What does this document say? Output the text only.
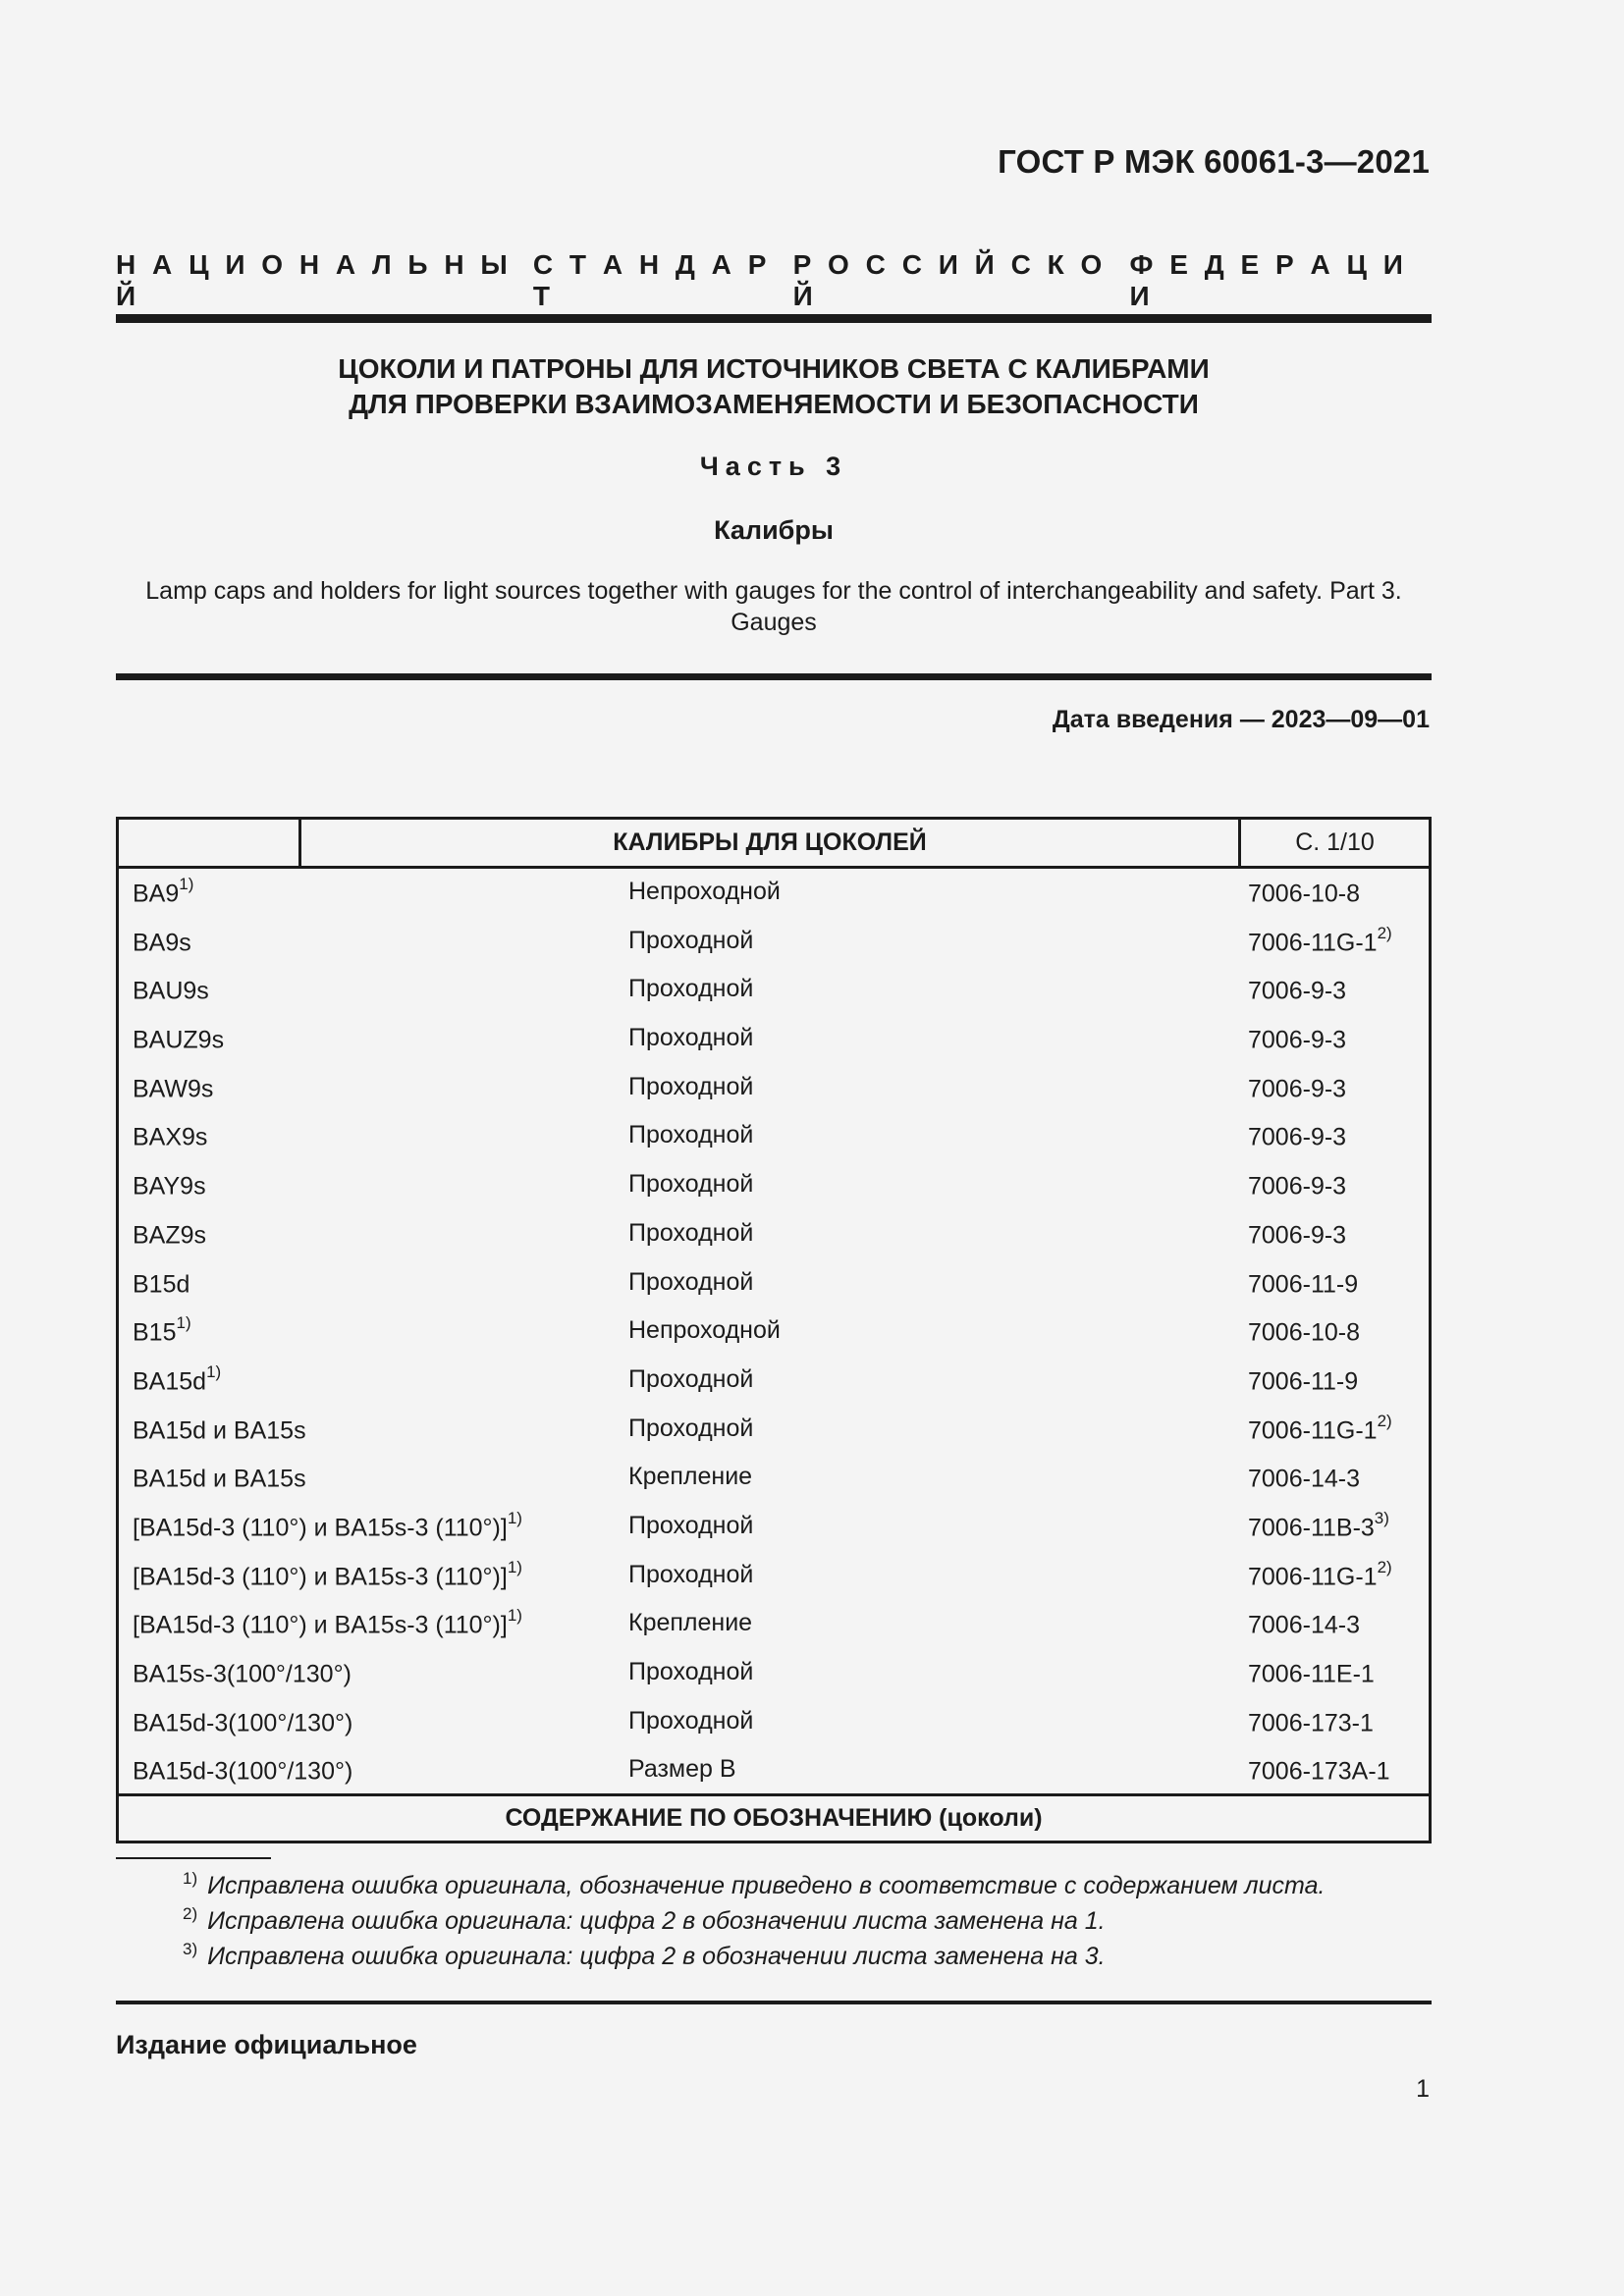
ГОСТ Р МЭК 60061-3—2021
Н   А   Ц   И   О   Н   А   Л   Ь   Н   Ы   Й
С   Т   А   Н   Д   А   Р   Т
Р   О   С   С   И   Й   С   К   О   Й
Ф   Е   Д   Е   Р   А   Ц   И   И
ЦОКОЛИ И ПАТРОНЫ ДЛЯ ИСТОЧНИКОВ СВЕТА С КАЛИБРАМИ
ДЛЯ ПРОВЕРКИ ВЗАИМОЗАМЕНЯЕМОСТИ И БЕЗОПАСНОСТИ
Часть 3
Калибры
Lamp caps and holders for light sources together with gauges for the control of interchangeability and safety. Part 3.
Gauges
Дата введения — 2023—09—01
КАЛИБРЫ ДЛЯ ЦОКОЛЕЙ	С. 1/10
BA9$^{1)}$	Непроходной	7006-10-8
BA9s	Проходной	7006-11G-1$^{2)}$
BAU9s	Проходной	7006-9-3
BAUZ9s	Проходной	7006-9-3
BAW9s	Проходной	7006-9-3
BAX9s	Проходной	7006-9-3
BAY9s	Проходной	7006-9-3
BAZ9s	Проходной	7006-9-3
B15d	Проходной	7006-11-9
B15$^{1)}$	Непроходной	7006-10-8
$BA15d^{1)}$	Проходной	7006-11-9
BA15d и BA15s	Проходной	7006-11G-1$^{2)}$
BA15d и BA15s	Крепление	7006-14-3
[BA15d-3 (110°) и BA15s-3 (110°)]$^{1)}$	Проходной	7006-11B-3$^{3)}$
[BA15d-3 (110°) и BA15s-3 (110°)]$^{1)}$	Проходной	7006-11G-1$^{2)}$
[BA15d-3 (110°) и BA15s-3 (110°)]$^{1)}$	Крепление	7006-14-3
BA15s-3(100°/130°)	Проходной	7006-11E-1
BA15d-3(100°/130°)	Проходной	7006-173-1
BA15d-3(100°/130°)	Размер B	7006-173A-1
СОДЕРЖАНИЕ ПО ОБОЗНАЧЕНИЮ (цоколи)
$^{1)}$ Исправлена ошибка оригинала, обозначение приведено в соответствие с содержанием листа.
$^{2)}$ Исправлена ошибка оригинала: цифра 2 в обозначении листа заменена на 1.
$^{3)}$ Исправлена ошибка оригинала: цифра 2 в обозначении листа заменена на 3.
Издание официальное
1
